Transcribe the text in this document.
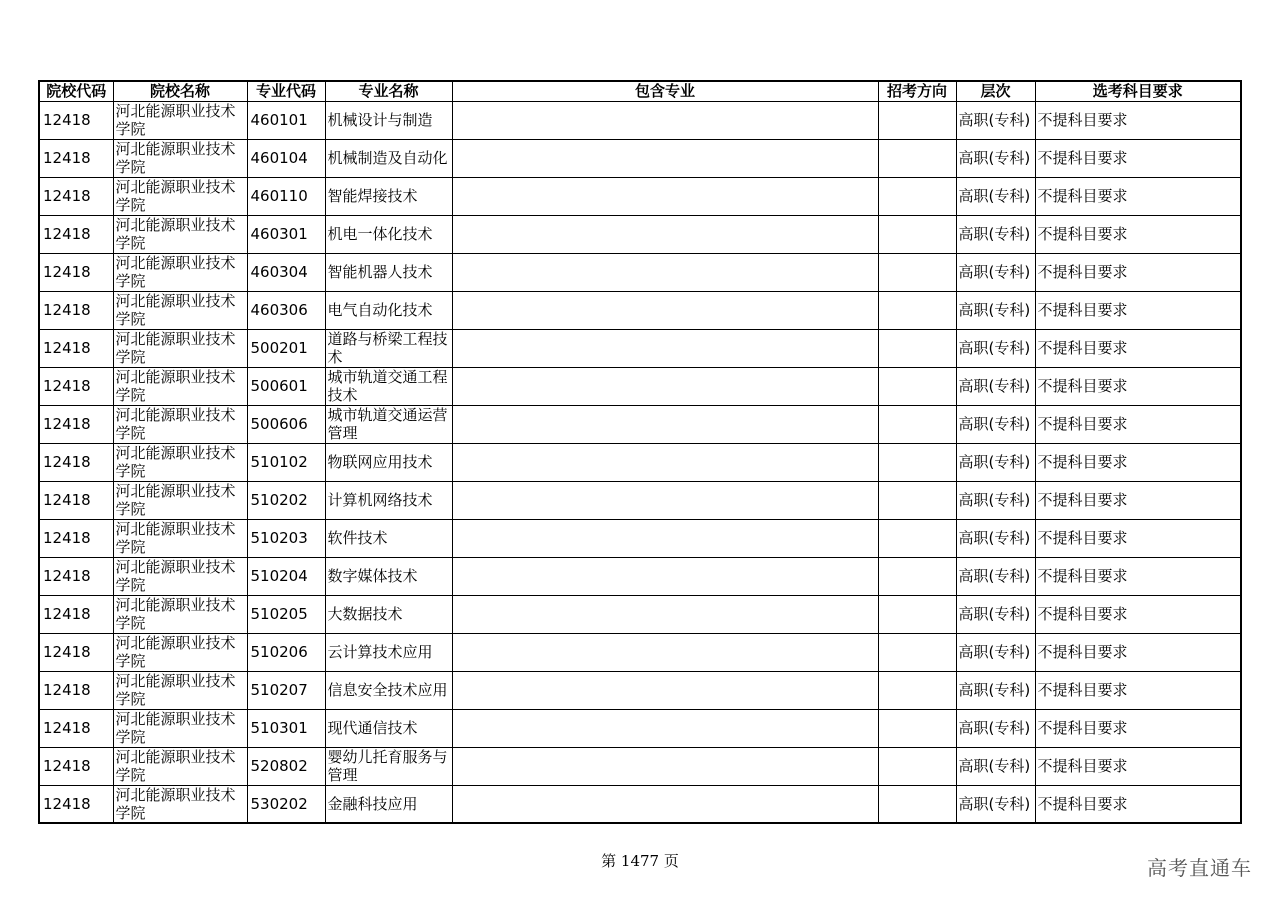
院校代码	院校名称	专业代码	专业名称	包含专业	招考方向	层次	选考科目要求
12418	河北能源职业技术学院	460101	机械设计与制造			高职(专科)	不提科目要求
12418	河北能源职业技术学院	460104	机械制造及自动化			高职(专科)	不提科目要求
12418	河北能源职业技术学院	460110	智能焊接技术			高职(专科)	不提科目要求
12418	河北能源职业技术学院	460301	机电一体化技术			高职(专科)	不提科目要求
12418	河北能源职业技术学院	460304	智能机器人技术			高职(专科)	不提科目要求
12418	河北能源职业技术学院	460306	电气自动化技术			高职(专科)	不提科目要求
12418	河北能源职业技术学院	500201	道路与桥梁工程技术			高职(专科)	不提科目要求
12418	河北能源职业技术学院	500601	城市轨道交通工程技术			高职(专科)	不提科目要求
12418	河北能源职业技术学院	500606	城市轨道交通运营管理			高职(专科)	不提科目要求
12418	河北能源职业技术学院	510102	物联网应用技术			高职(专科)	不提科目要求
12418	河北能源职业技术学院	510202	计算机网络技术			高职(专科)	不提科目要求
12418	河北能源职业技术学院	510203	软件技术			高职(专科)	不提科目要求
12418	河北能源职业技术学院	510204	数字媒体技术			高职(专科)	不提科目要求
12418	河北能源职业技术学院	510205	大数据技术			高职(专科)	不提科目要求
12418	河北能源职业技术学院	510206	云计算技术应用			高职(专科)	不提科目要求
12418	河北能源职业技术学院	510207	信息安全技术应用			高职(专科)	不提科目要求
12418	河北能源职业技术学院	510301	现代通信技术			高职(专科)	不提科目要求
12418	河北能源职业技术学院	520802	婴幼儿托育服务与管理			高职(专科)	不提科目要求
12418	河北能源职业技术学院	530202	金融科技应用			高职(专科)	不提科目要求
第 1477 页	高考直通车
